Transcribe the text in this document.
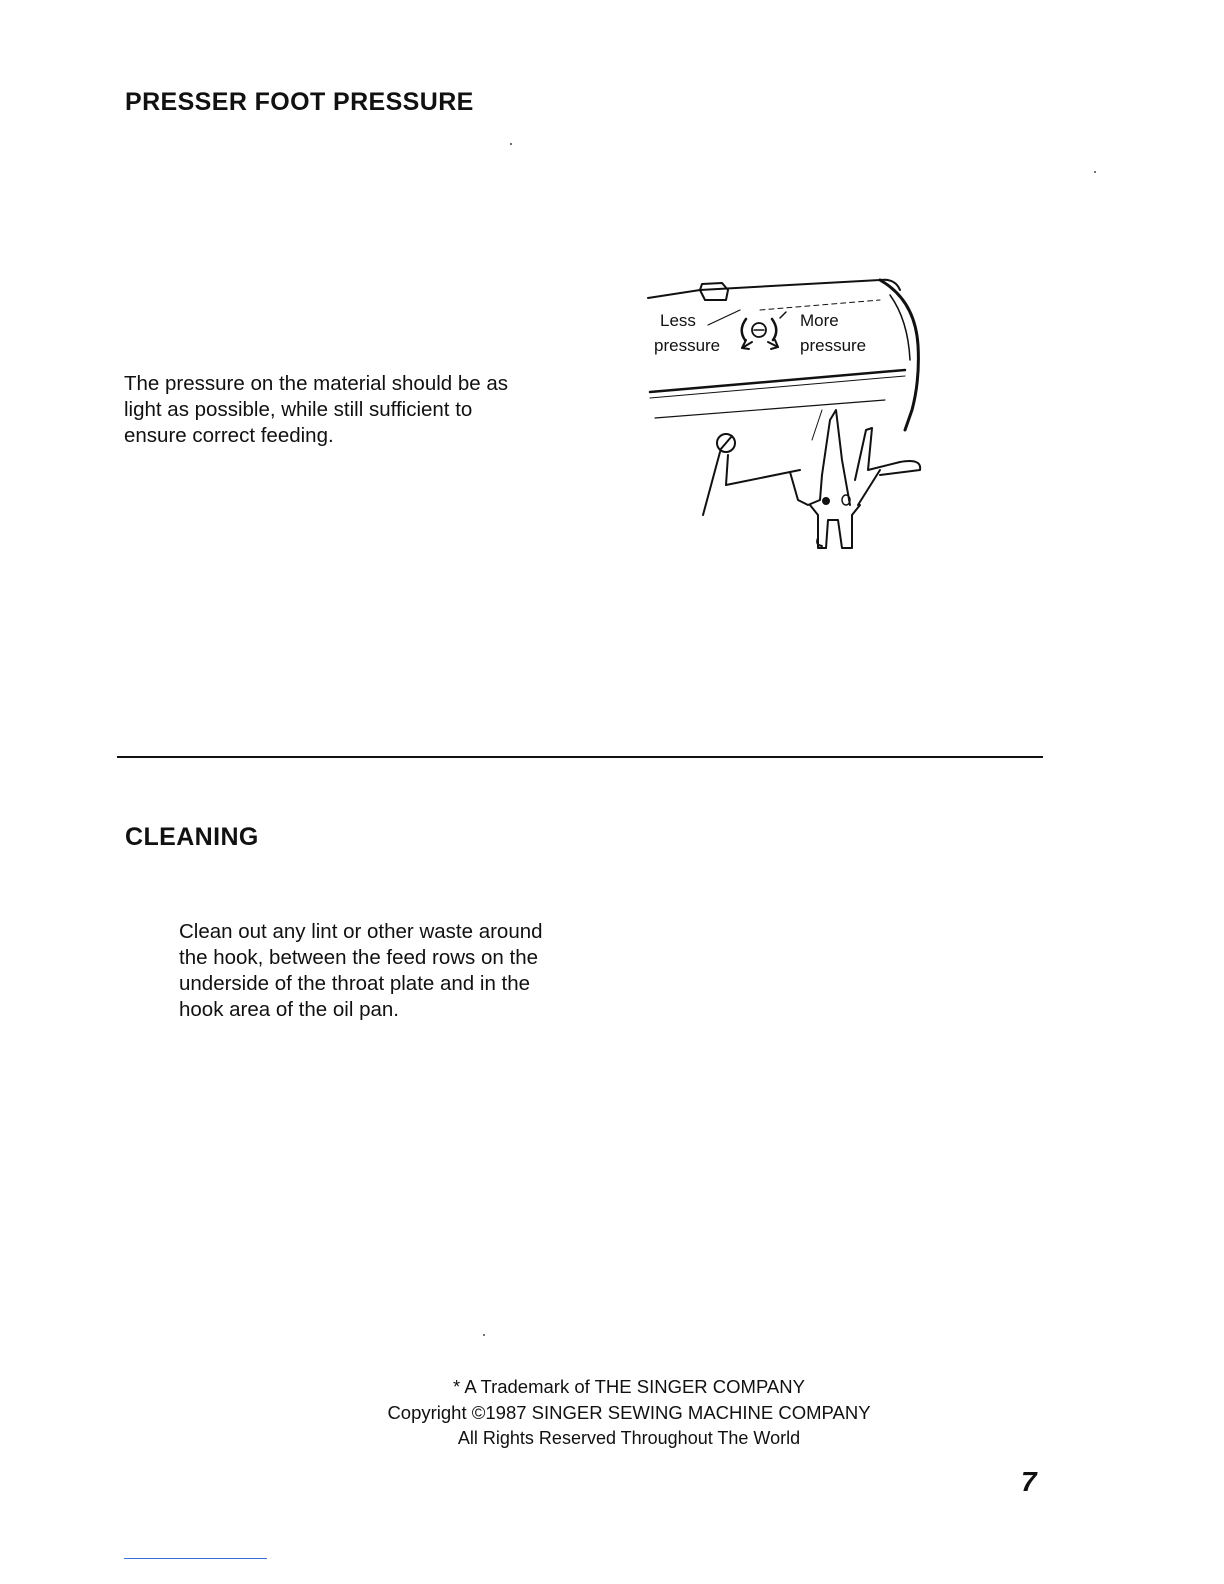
PRESSER FOOT PRESSURE

The pressure on the material should be as
light as possible, while still sufficient to
ensure correct feeding.

Less
pressure
More
pressure
CLEANING

Clean out any lint or other waste around
the hook, between the feed rows on the
underside of the throat plate and in the
hook area of the oil pan.

* A Trademark of THE SINGER COMPANY

Copyright ©1987 SINGER SEWING MACHINE COMPANY

All Rights Reserved Throughout The World

7
